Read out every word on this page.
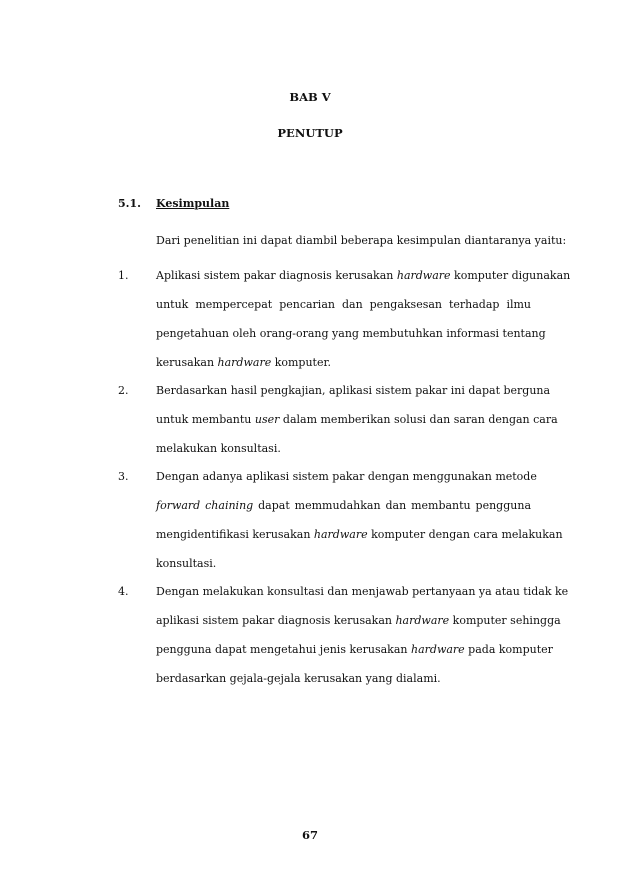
BAB V
PENUTUP
5.1. Kesimpulan
Dari penelitian ini dapat diambil beberapa kesimpulan diantaranya yaitu:
1.	Aplikasi sistem pakar diagnosis kerusakan hardware komputer digunakan
untuk mempercepat pencarian dan pengaksesan terhadap ilmu
pengetahuan oleh orang-orang yang membutuhkan informasi tentang
kerusakan hardware komputer.
2.	Berdasarkan hasil pengkajian, aplikasi sistem pakar ini dapat berguna
untuk membantu user dalam memberikan solusi dan saran dengan cara
melakukan konsultasi.
3.	Dengan adanya aplikasi sistem pakar dengan menggunakan metode
forward chaining dapat memmudahkan dan membantu pengguna
mengidentifikasi kerusakan hardware komputer dengan cara melakukan
konsultasi.
4.	Dengan melakukan konsultasi dan menjawab pertanyaan ya atau tidak ke
aplikasi sistem pakar diagnosis kerusakan hardware komputer sehingga
pengguna dapat mengetahui jenis kerusakan hardware pada komputer
berdasarkan gejala-gejala kerusakan yang dialami.
67
